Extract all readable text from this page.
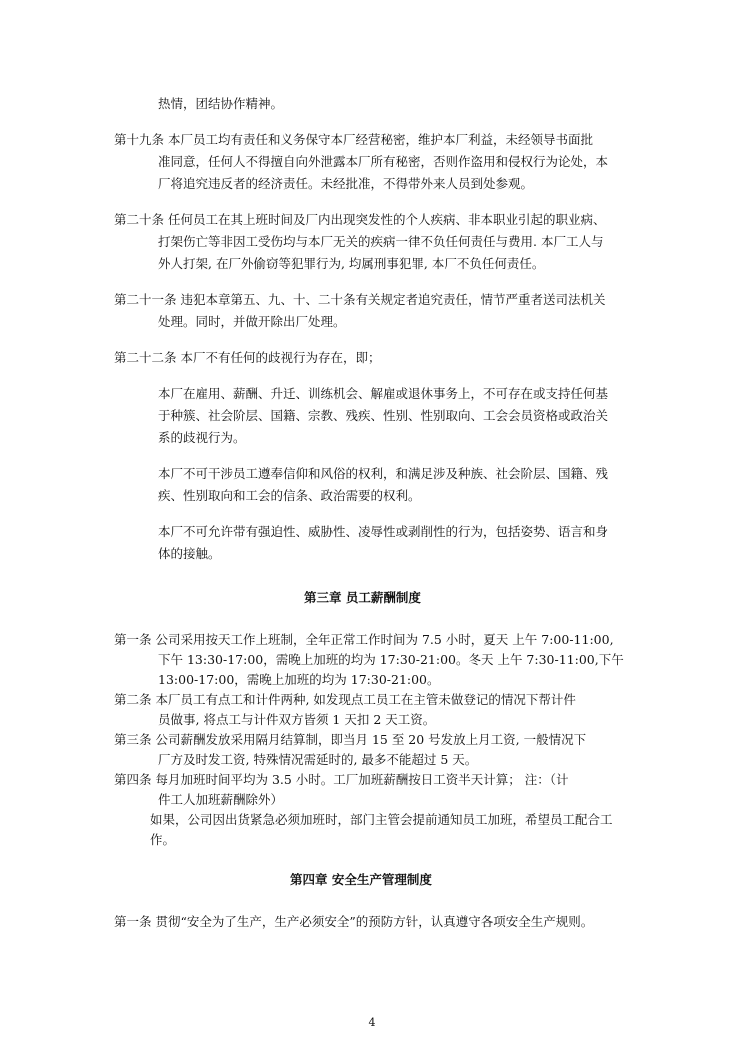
热情，团结协作精神。
第十九条 本厂员工均有责任和义务保守本厂经营秘密，维护本厂利益，未经领导书面批
准同意，任何人不得擅自向外泄露本厂所有秘密，否则作盗用和侵权行为论处，本
厂将追究违反者的经济责任。未经批准，不得带外来人员到处参观。
第二十条 任何员工在其上班时间及厂内出现突发性的个人疾病、非本职业引起的职业病、
打架伤亡等非因工受伤均与本厂无关的疾病一律不负任何责任与费用. 本厂工人与
外人打架, 在厂外偷窃等犯罪行为, 均属刑事犯罪, 本厂不负任何责任。
第二十一条 违犯本章第五、九、十、二十条有关规定者追究责任，情节严重者送司法机关
处理。同时，并做开除出厂处理。
第二十二条 本厂不有任何的歧视行为存在，即；
本厂在雇用、薪酬、升迁、训练机会、解雇或退休事务上，不可存在或支持任何基
于种簇、社会阶层、国籍、宗教、残疾、性别、性别取向、工会会员资格或政治关
系的歧视行为。
本厂不可干涉员工遵奉信仰和风俗的权利，和满足涉及种族、社会阶层、国籍、残
疾、性别取向和工会的信条、政治需要的权利。
本厂不可允许带有强迫性、威胁性、凌辱性或剥削性的行为，包括姿势、语言和身
体的接触。
第三章 员工薪酬制度
第一条 公司采用按天工作上班制，全年正常工作时间为 7.5 小时，夏天 上午 7:00-11:00,
下午 13:30-17:00，需晚上加班的均为 17:30-21:00。冬天 上午 7:30-11:00,下午
13:00-17:00，需晚上加班的均为 17:30-21:00。
第二条 本厂员工有点工和计件两种, 如发现点工员工在主管未做登记的情况下帮计件
员做事, 将点工与计件双方皆须 1 天扣 2 天工资。
第三条 公司薪酬发放采用隔月结算制，即当月 15 至 20 号发放上月工资, 一般情况下
厂方及时发工资, 特殊情况需延时的, 最多不能超过 5 天。
第四条 每月加班时间平均为 3.5 小时。工厂加班薪酬按日工资半天计算； 注：（计
件工人加班薪酬除外）
如果，公司因出货紧急必须加班时，部门主管会提前通知员工加班，希望员工配合工
作。
第四章 安全生产管理制度
第一条 贯彻“安全为了生产，生产必须安全”的预防方针，认真遵守各项安全生产规则。
4
